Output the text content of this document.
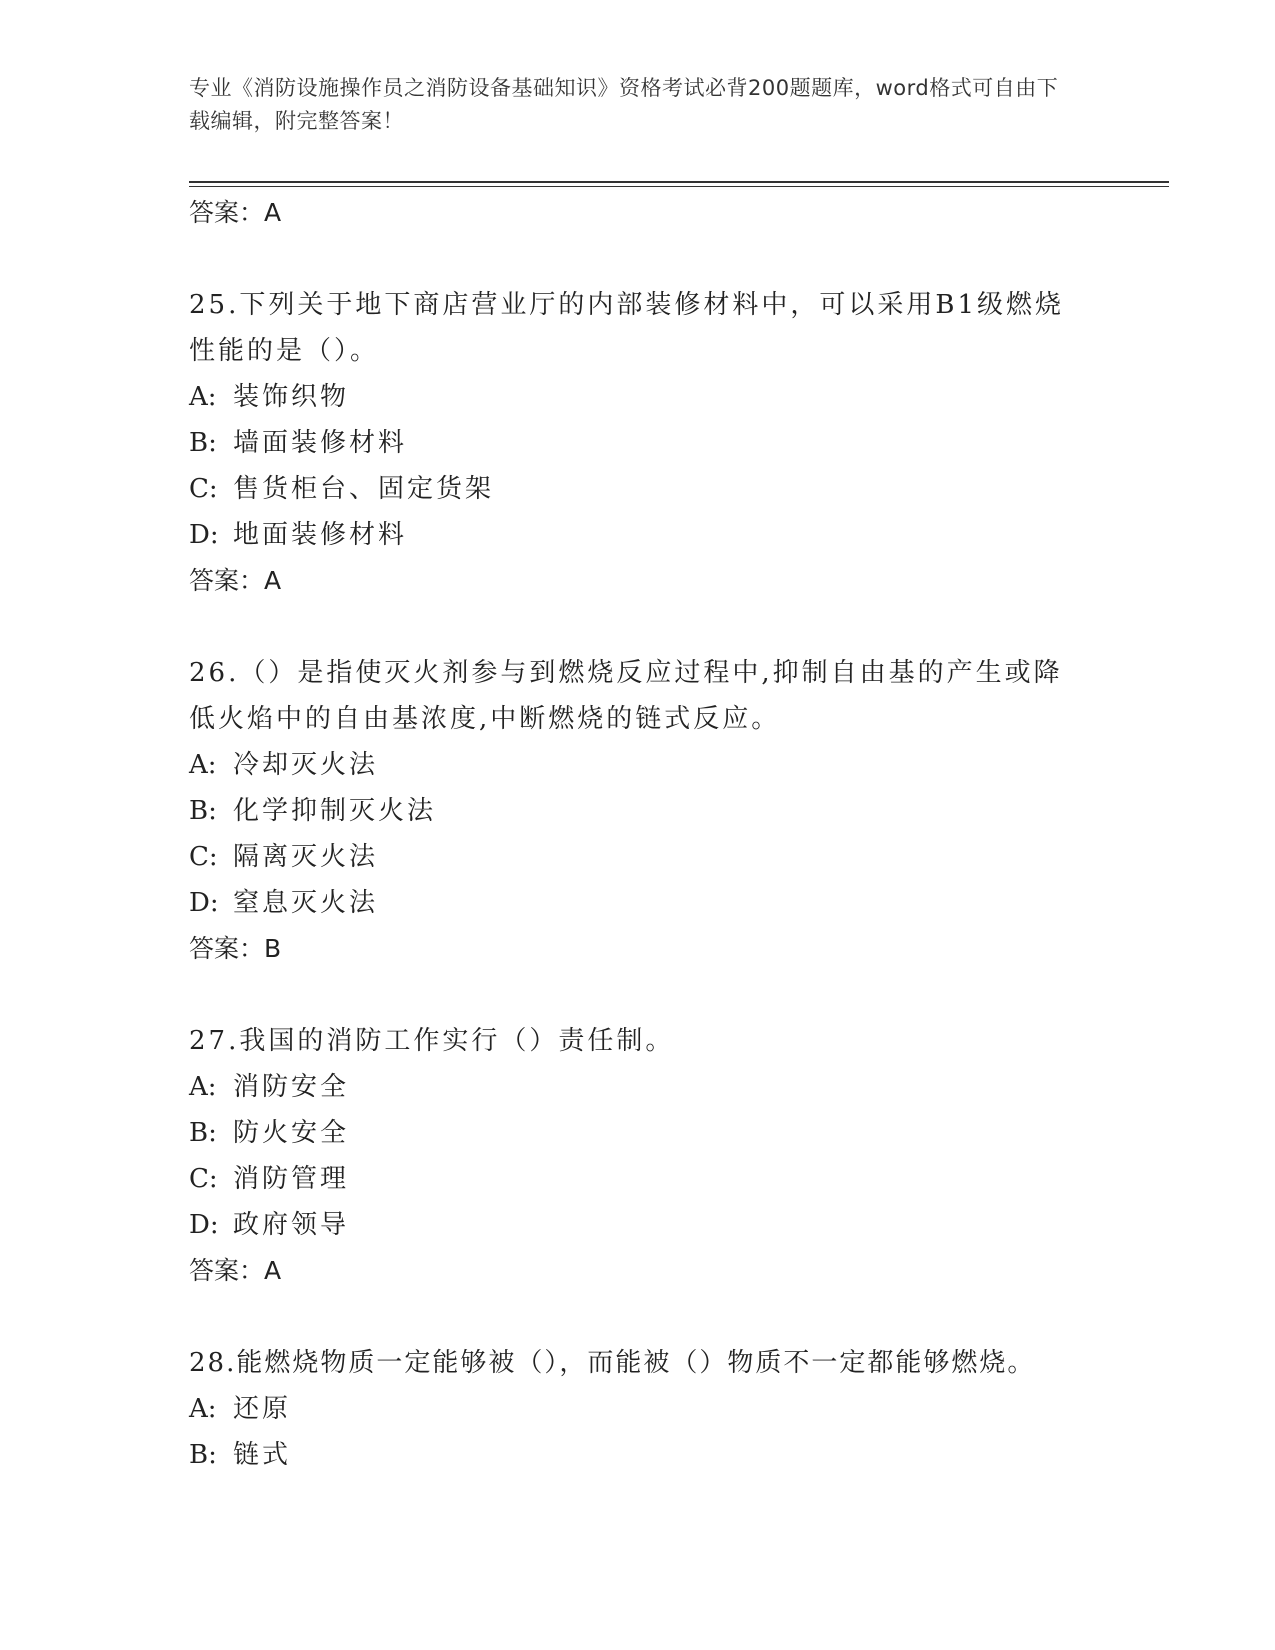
专业《消防设施操作员之消防设备基础知识》资格考试必背200题题库，word格式可自由下载编辑，附完整答案！

答案：A

25.下列关于地下商店营业厅的内部装修材料中，可以采用B1级燃烧性能的是（）。

A: 装饰织物

B: 墙面装修材料

C: 售货柜台、固定货架

D: 地面装修材料

答案：A

26.（）是指使灭火剂参与到燃烧反应过程中,抑制自由基的产生或降低火焰中的自由基浓度,中断燃烧的链式反应。

A: 冷却灭火法

B: 化学抑制灭火法

C: 隔离灭火法

D: 窒息灭火法

答案：B

27.我国的消防工作实行（）责任制。

A: 消防安全

B: 防火安全

C: 消防管理

D: 政府领导

答案：A

28.能燃烧物质一定能够被（），而能被（）物质不一定都能够燃烧。

A: 还原

B: 链式
